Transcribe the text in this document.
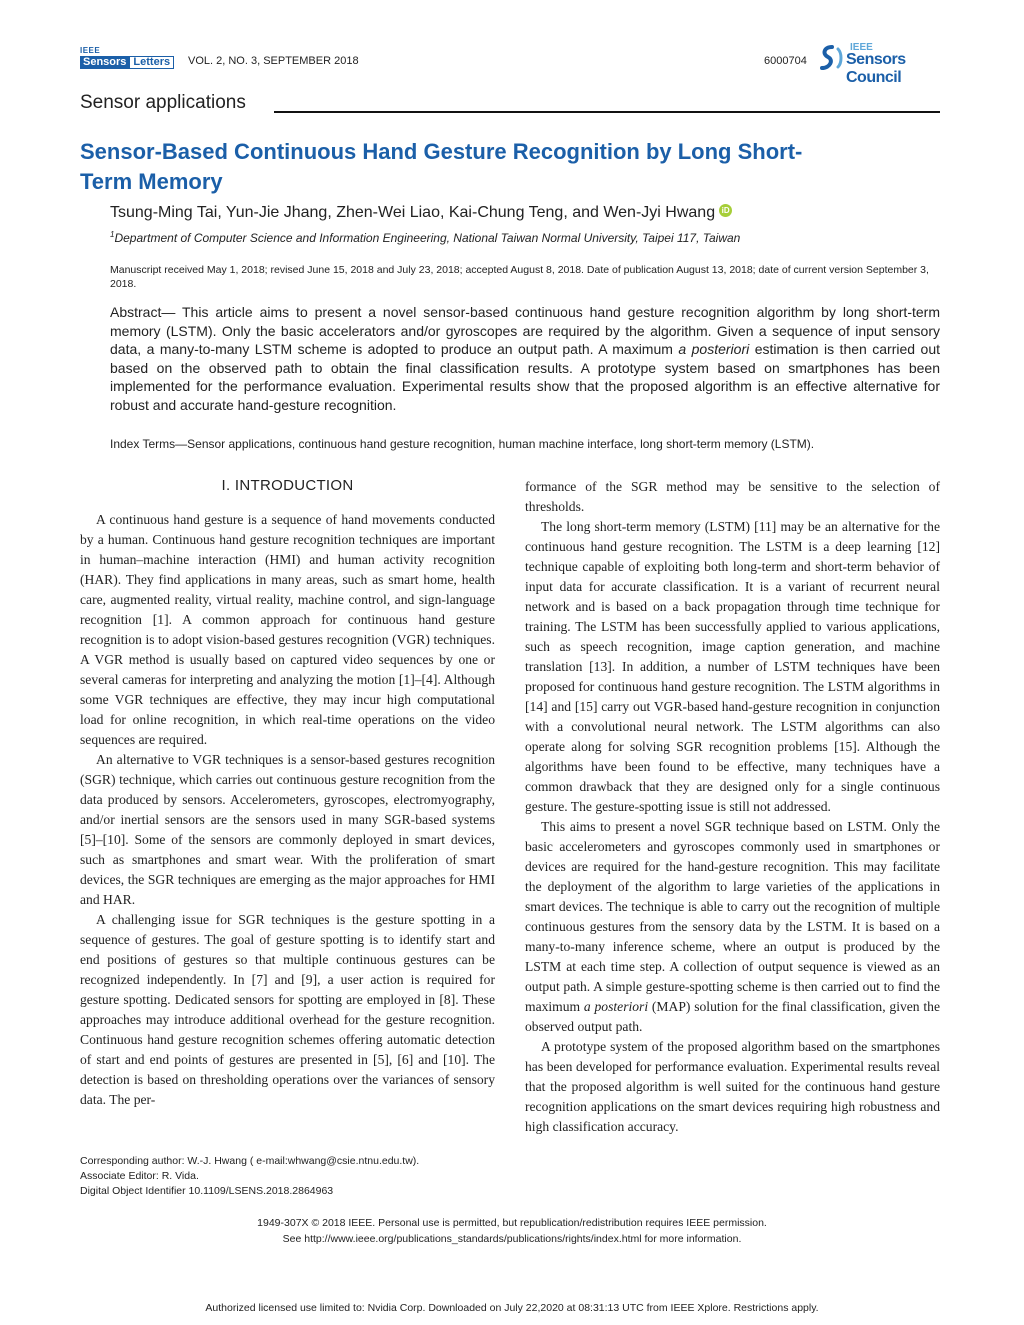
IEEE
Sensors Letters	VOL. 2, NO. 3, SEPTEMBER 2018	6000704
IEEE
Sensors Council
Sensor applications
Sensor-Based Continuous Hand Gesture Recognition by Long Short-Term Memory
Tsung-Ming Tai, Yun-Jie Jhang, Zhen-Wei Liao, Kai-Chung Teng, and Wen-Jyi Hwang iD
$^1$Department of Computer Science and Information Engineering, National Taiwan Normal University, Taipei 117, Taiwan
Manuscript received May 1, 2018; revised June 15, 2018 and July 23, 2018; accepted August 8, 2018. Date of publication August 13, 2018; date of current version September 3, 2018.
Abstract— This article aims to present a novel sensor-based continuous hand gesture recognition algorithm by long short-term memory (LSTM). Only the basic accelerators and/or gyroscopes are required by the algorithm. Given a sequence of input sensory data, a many-to-many LSTM scheme is adopted to produce an output path. A maximum a posteriori estimation is then carried out based on the observed path to obtain the final classification results. A prototype system based on smartphones has been implemented for the performance evaluation. Experimental results show that the proposed algorithm is an effective alternative for robust and accurate hand-gesture recognition.
Index Terms—Sensor applications, continuous hand gesture recognition, human machine interface, long short-term memory (LSTM).
I. INTRODUCTION

A continuous hand gesture is a sequence of hand movements conducted by a human. Continuous hand gesture recognition techniques are important in human–machine interaction (HMI) and human activity recognition (HAR). They find applications in many areas, such as smart home, health care, augmented reality, virtual reality, machine control, and sign-language recognition [1]. A common approach for continuous hand gesture recognition is to adopt vision-based gestures recognition (VGR) techniques. A VGR method is usually based on captured video sequences by one or several cameras for interpreting and analyzing the motion [1]–[4]. Although some VGR techniques are effective, they may incur high computational load for online recognition, in which real-time operations on the video sequences are required.

An alternative to VGR techniques is a sensor-based gestures recognition (SGR) technique, which carries out continuous gesture recognition from the data produced by sensors. Accelerometers, gyroscopes, electromyography, and/or inertial sensors are the sensors used in many SGR-based systems [5]–[10]. Some of the sensors are commonly deployed in smart devices, such as smartphones and smart wear. With the proliferation of smart devices, the SGR techniques are emerging as the major approaches for HMI and HAR.

A challenging issue for SGR techniques is the gesture spotting in a sequence of gestures. The goal of gesture spotting is to identify start and end positions of gestures so that multiple continuous gestures can be recognized independently. In [7] and [9], a user action is required for gesture spotting. Dedicated sensors for spotting are employed in [8]. These approaches may introduce additional overhead for the gesture recognition. Continuous hand gesture recognition schemes offering automatic detection of start and end points of gestures are presented in [5], [6] and [10]. The detection is based on thresholding operations over the variances of sensory data. The per-

formance of the SGR method may be sensitive to the selection of thresholds.

The long short-term memory (LSTM) [11] may be an alternative for the continuous hand gesture recognition. The LSTM is a deep learning [12] technique capable of exploiting both long-term and short-term behavior of input data for accurate classification. It is a variant of recurrent neural network and is based on a back propagation through time technique for training. The LSTM has been successfully applied to various applications, such as speech recognition, image caption generation, and machine translation [13]. In addition, a number of LSTM techniques have been proposed for continuous hand gesture recognition. The LSTM algorithms in [14] and [15] carry out VGR-based hand-gesture recognition in conjunction with a convolutional neural network. The LSTM algorithms can also operate along for solving SGR recognition problems [15]. Although the algorithms have been found to be effective, many techniques have a common drawback that they are designed only for a single continuous gesture. The gesture-spotting issue is still not addressed.

This aims to present a novel SGR technique based on LSTM. Only the basic accelerometers and gyroscopes commonly used in smartphones or devices are required for the hand-gesture recognition. This may facilitate the deployment of the algorithm to large varieties of the applications in smart devices. The technique is able to carry out the recognition of multiple continuous gestures from the sensory data by the LSTM. It is based on a many-to-many inference scheme, where an output is produced by the LSTM at each time step. A collection of output sequence is viewed as an output path. A simple gesture-spotting scheme is then carried out to find the maximum a posteriori (MAP) solution for the final classification, given the observed output path.

A prototype system of the proposed algorithm based on the smartphones has been developed for performance evaluation. Experimental results reveal that the proposed algorithm is well suited for the continuous hand gesture recognition applications on the smart devices requiring high robustness and high classification accuracy.

Corresponding author: W.-J. Hwang ( e-mail:whwang@csie.ntnu.edu.tw).
Associate Editor: R. Vida.
Digital Object Identifier 10.1109/LSENS.2018.2864963
1949-307X © 2018 IEEE. Personal use is permitted, but republication/redistribution requires IEEE permission.
See http://www.ieee.org/publications_standards/publications/rights/index.html for more information.
Authorized licensed use limited to: Nvidia Corp. Downloaded on July 22,2020 at 08:31:13 UTC from IEEE Xplore. Restrictions apply.
